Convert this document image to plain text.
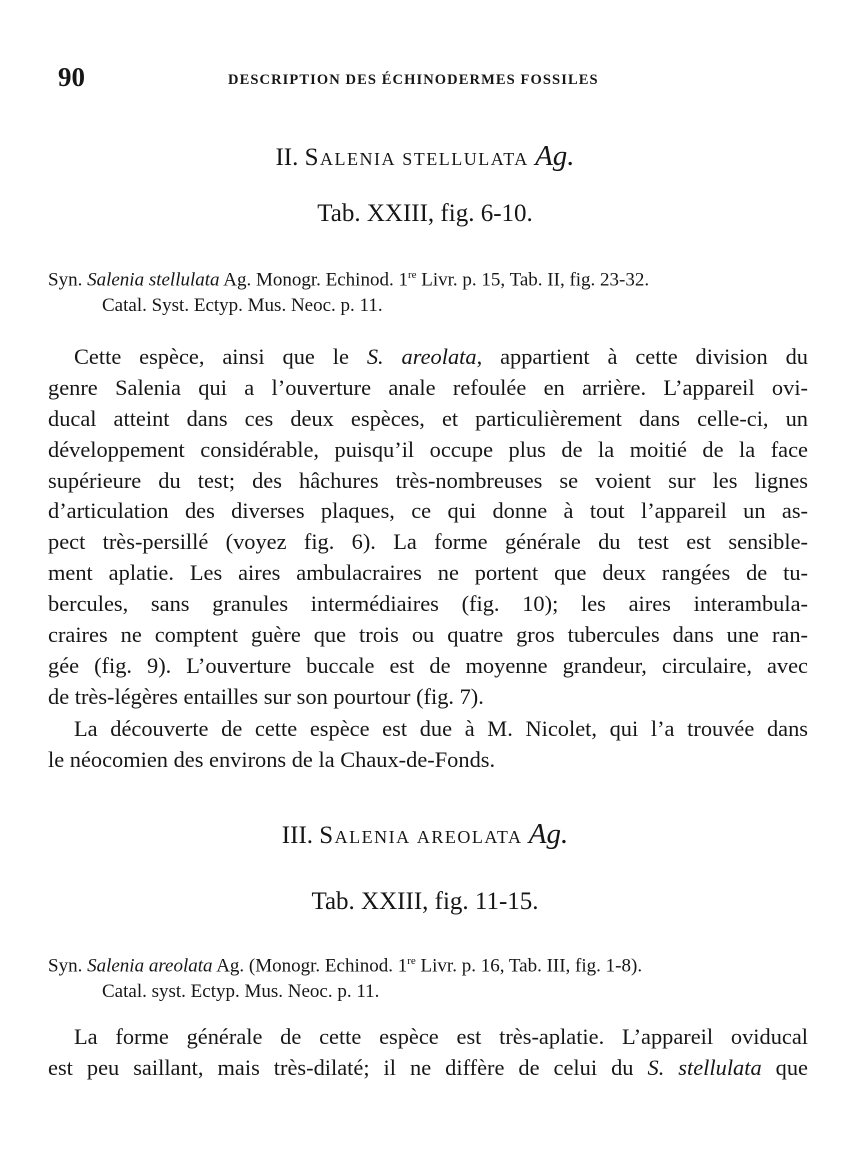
90	DESCRIPTION DES ÉCHINODERMES FOSSILES
II. Salenia stellulata Ag.
Tab. XXIII, fig. 6-10.
Syn. Salenia stellulata Ag. Monogr. Echinod. 1re Livr. p. 15, Tab. II, fig. 23-32.
Catal. Syst. Ectyp. Mus. Neoc. p. 11.
Cette espèce, ainsi que le S. areolata, appartient à cette division du
genre Salenia qui a l’ouverture anale refoulée en arrière. L’appareil ovi-
ducal atteint dans ces deux espèces, et particulièrement dans celle-ci, un
développement considérable, puisqu’il occupe plus de la moitié de la face
supérieure du test; des hâchures très-nombreuses se voient sur les lignes
d’articulation des diverses plaques, ce qui donne à tout l’appareil un as-
pect très-persillé (voyez fig. 6). La forme générale du test est sensible-
ment aplatie. Les aires ambulacraires ne portent que deux rangées de tu-
bercules, sans granules intermédiaires (fig. 10); les aires interambula-
craires ne comptent guère que trois ou quatre gros tubercules dans une ran-
gée (fig. 9). L’ouverture buccale est de moyenne grandeur, circulaire, avec
de très-légères entailles sur son pourtour (fig. 7).
La découverte de cette espèce est due à M. Nicolet, qui l’a trouvée dans
le néocomien des environs de la Chaux-de-Fonds.
III. Salenia areolata Ag.
Tab. XXIII, fig. 11-15.
Syn. Salenia areolata Ag. (Monogr. Echinod. 1re Livr. p. 16, Tab. III, fig. 1-8).
Catal. syst. Ectyp. Mus. Neoc. p. 11.
La forme générale de cette espèce est très-aplatie. L’appareil oviducal
est peu saillant, mais très-dilaté; il ne diffère de celui du S. stellulata que
